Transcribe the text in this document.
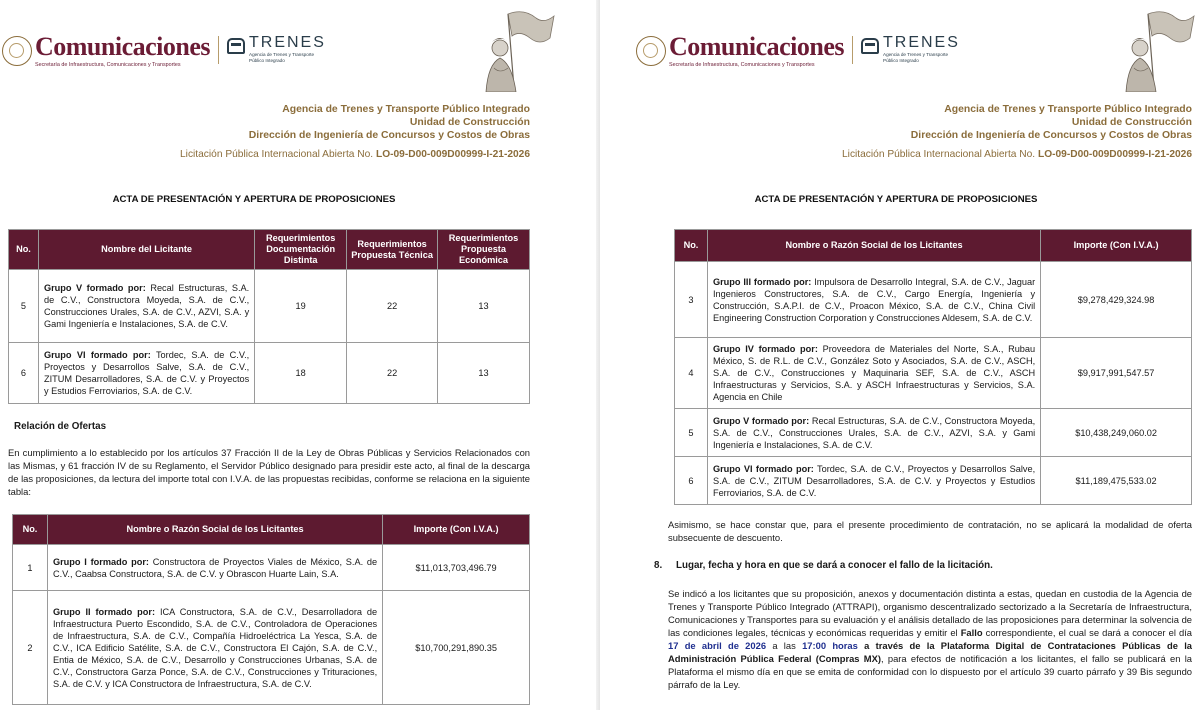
Comunicaciones
Secretaría de Infraestructura, Comunicaciones y Transportes
TRENES
Agencia de Trenes y Transporte Público Integrado
Agencia de Trenes y Transporte Público Integrado
Unidad de Construcción
Dirección de Ingeniería de Concursos y Costos de Obras
Licitación Pública Internacional Abierta No. LO-09-D00-009D00999-I-21-2026
ACTA DE PRESENTACIÓN Y APERTURA DE PROPOSICIONES
No.	Nombre del Licitante	Requerimientos Documentación Distinta	Requerimientos Propuesta Técnica	Requerimientos Propuesta Económica
5	Grupo V formado por: Recal Estructuras, S.A. de C.V., Constructora Moyeda, S.A. de C.V., Construcciones Urales, S.A. de C.V., AZVI, S.A. y Gami Ingeniería e Instalaciones, S.A. de C.V.	19	22	13
6	Grupo VI formado por: Tordec, S.A. de C.V., Proyectos y Desarrollos Salve, S.A. de C.V., ZITUM Desarrolladores, S.A. de C.V. y Proyectos y Estudios Ferroviarios, S.A. de C.V.	18	22	13
Relación de Ofertas
En cumplimiento a lo establecido por los artículos 37 Fracción II de la Ley de Obras Públicas y Servicios Relacionados con las Mismas, y 61 fracción IV de su Reglamento, el Servidor Público designado para presidir este acto, al final de la descarga de las proposiciones, da lectura del importe total con I.V.A. de las propuestas recibidas, conforme se relaciona en la siguiente tabla:
No.	Nombre o Razón Social de los Licitantes	Importe (Con I.V.A.)
1	Grupo I formado por: Constructora de Proyectos Viales de México, S.A. de C.V., Caabsa Constructora, S.A. de C.V. y Obrascon Huarte Lain, S.A.	$11,013,703,496.79
2	Grupo II formado por: ICA Constructora, S.A. de C.V., Desarrolladora de Infraestructura Puerto Escondido, S.A. de C.V., Controladora de Operaciones de Infraestructura, S.A. de C.V., Compañía Hidroeléctrica La Yesca, S.A. de C.V., ICA Edificio Satélite, S.A. de C.V., Constructora El Cajón, S.A. de C.V., Entia de México, S.A. de C.V., Desarrollo y Construcciones Urbanas, S.A. de C.V., Constructora Garza Ponce, S.A. de C.V., Construcciones y Trituraciones, S.A. de C.V. y ICA Constructora de Infraestructura, S.A. de C.V.	$10,700,291,890.35
Comunicaciones
Secretaría de Infraestructura, Comunicaciones y Transportes
TRENES
Agencia de Trenes y Transporte Público Integrado
Agencia de Trenes y Transporte Público Integrado
Unidad de Construcción
Dirección de Ingeniería de Concursos y Costos de Obras
Licitación Pública Internacional Abierta No. LO-09-D00-009D00999-I-21-2026
ACTA DE PRESENTACIÓN Y APERTURA DE PROPOSICIONES
No.	Nombre o Razón Social de los Licitantes	Importe (Con I.V.A.)
3	Grupo III formado por: Impulsora de Desarrollo Integral, S.A. de C.V., Jaguar Ingenieros Constructores, S.A. de C.V., Cargo Energía, Ingeniería y Construcción, S.A.P.I. de C.V., Proacon México, S.A. de C.V., China Civil Engineering Construction Corporation y Construcciones Aldesem, S.A. de C.V.	$9,278,429,324.98
4	Grupo IV formado por: Proveedora de Materiales del Norte, S.A., Rubau México, S. de R.L. de C.V., González Soto y Asociados, S.A. de C.V., ASCH, S.A. de C.V., Construcciones y Maquinaria SEF, S.A. de C.V., ASCH Infraestructuras y Servicios, S.A. y ASCH Infraestructuras y Servicios, S.A. Agencia en Chile	$9,917,991,547.57
5	Grupo V formado por: Recal Estructuras, S.A. de C.V., Constructora Moyeda, S.A. de C.V., Construcciones Urales, S.A. de C.V., AZVI, S.A. y Gami Ingeniería e Instalaciones, S.A. de C.V.	$10,438,249,060.02
6	Grupo VI formado por: Tordec, S.A. de C.V., Proyectos y Desarrollos Salve, S.A. de C.V., ZITUM Desarrolladores, S.A. de C.V. y Proyectos y Estudios Ferroviarios, S.A. de C.V.	$11,189,475,533.02
Asimismo, se hace constar que, para el presente procedimiento de contratación, no se aplicará la modalidad de oferta subsecuente de descuento.
8. Lugar, fecha y hora en que se dará a conocer el fallo de la licitación.
Se indicó a los licitantes que su proposición, anexos y documentación distinta a estas, quedan en custodia de la Agencia de Trenes y Transporte Público Integrado (ATTRAPI), organismo descentralizado sectorizado a la Secretaría de Infraestructura, Comunicaciones y Transportes para su evaluación y el análisis detallado de las proposiciones para determinar la solvencia de las condiciones legales, técnicas y económicas requeridas y emitir el Fallo correspondiente, el cual se dará a conocer el día 17 de abril de 2026 a las 17:00 horas a través de la Plataforma Digital de Contrataciones Públicas de la Administración Pública Federal (Compras MX), para efectos de notificación a los licitantes, el fallo se publicará en la Plataforma el mismo día en que se emita de conformidad con lo dispuesto por el artículo 39 cuarto párrafo y 39 Bis segundo párrafo de la Ley.
